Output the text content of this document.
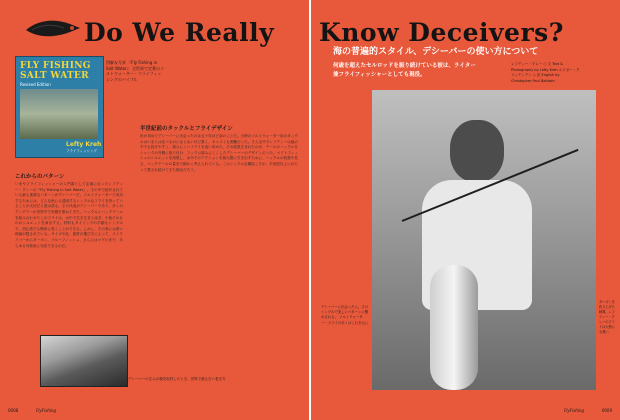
Do We Really
FLY FISHING
SALT WATER
Revised Edition
Lefty Kreh
フライフィッシング
図解＆写真 『Fly Fishing in Salt Water』 全世界で定番のソルトウォーター・フライフィッシングのバイブル
これからのパターン
いまやフライフィッシャーの入門書として定番になったレフティー・クレーの『Fly Fishing in Salt Water』。その中で紹介されている最も重要なパターンがデシーバーだ。ソルトウォーターで成功するためには、どんな魚にも通用するシンプルなフライを持っていることが大切だと彼は語る。その代表がデシーバーであり、多くのアングラーが世界中で実績を重ねてきた。ハックルとバックテールを組み合わせたこのフライは、水中で生き生きと泳ぎ、小魚そのもののシルエットを演出する。材料もタイイングの手順もシンプルで、初心者でも簡単に巻くことができる。しかし、その奥には深い理論が隠されている。サイズや色、素材の選び方によって、ストライパーからターポン、ブルーフィッシュ、さらにはマグロまで、あらゆる対象魚に対応できるのだ。
半世紀前のタックルとフライデザイン
私が初めてデシーバーに出会ったのは五十年ほど前のことだ。当時のソルトウォーター用のタックルはいまとは比べものにならないほど重く、キャストも困難だった。そんな中でレフティーは風の中でも投げやすく、絡みにくいフライを追い求めた。その結果生まれたのが、テールのハックルをシャンクの外側に取り付け、フックに絡みにくくしたデシーバーのデザインだった。ベイトフィッシュのシルエットを再現し、水中でのアクションを最大限に引き出すために、ハックルの枚数や長さ、バックテールの量まで細かく考えられている。このシンプルな構造こそが、半世紀以上にわたって愛され続けてきた理由だろう。
デシーバーの生みの親を取材したとき、世界で最も古い巻き方
0008	FlyFishing
Know Deceivers?
海の普遍的スタイル、デシーバーの使い方について
何歳を超えたセルロッドを振り続けている彼は、ライター兼フライフィッシャーとしても現役。
レフティー・クレー ○ 文 Text & Photography by Lefty Kreh エドガー・クリッテンデン ○ 訳 English by Christopher Paul Baldwin
デシーバーに出会ったら、そのシンプルで美しいパターンに驚かされる。 ソルトウォーター・フライの多くはこれを元に
ターポンを釣り上げた瞬間。レフティー・クレーのフライは大物にも強い
FlyFishing	0009
